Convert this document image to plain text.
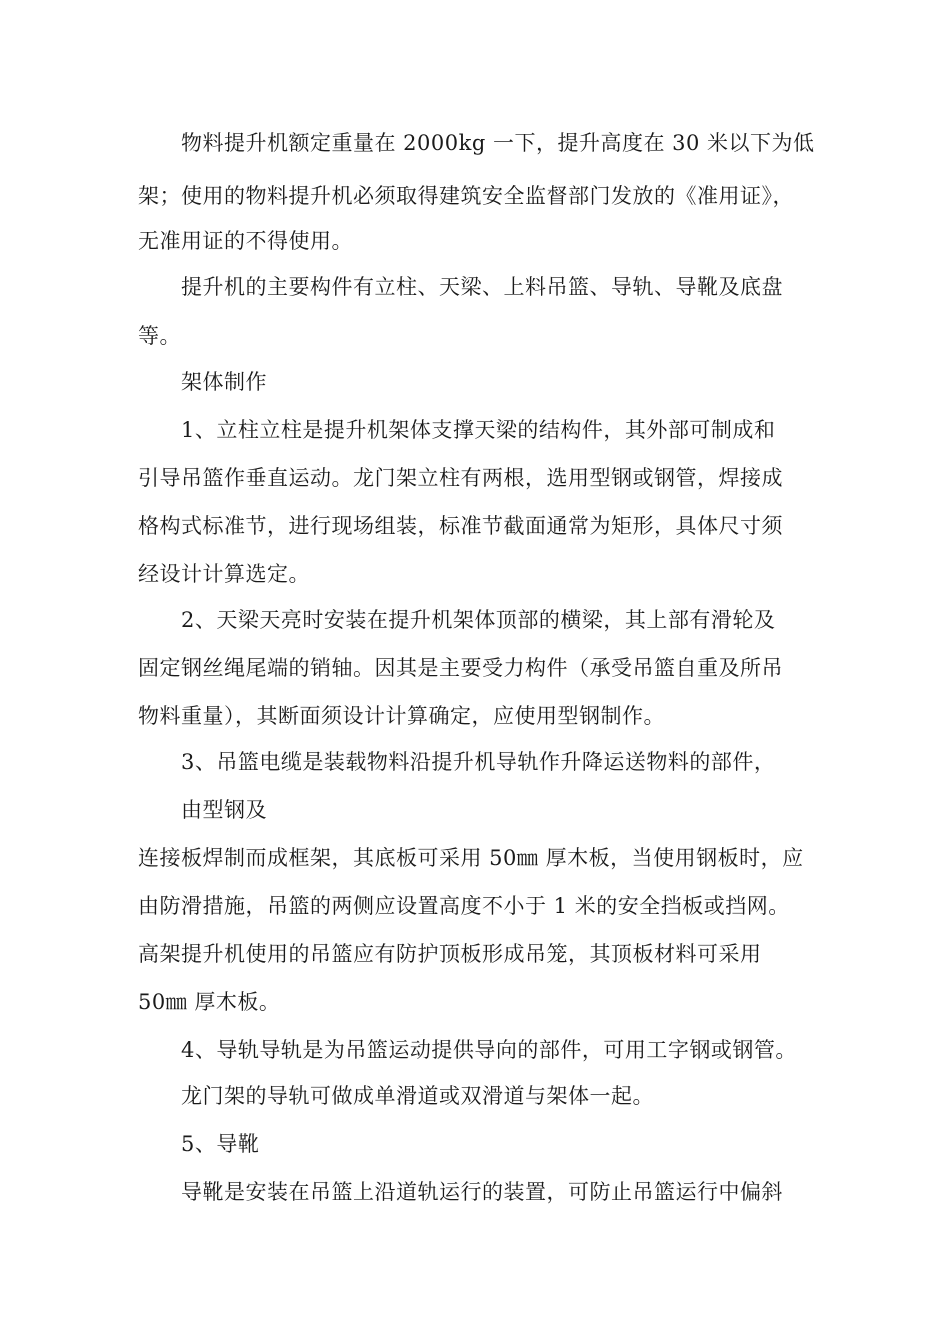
物料提升机额定重量在 2000kg 一下，提升高度在 30 米以下为低
架；使用的物料提升机必须取得建筑安全监督部门发放的《准用证》，
无准用证的不得使用。
提升机的主要构件有立柱、天梁、上料吊篮、导轨、导靴及底盘
等。
架体制作
1、立柱立柱是提升机架体支撑天梁的结构件，其外部可制成和
引导吊篮作垂直运动。龙门架立柱有两根，选用型钢或钢管，焊接成
格构式标准节，进行现场组装，标准节截面通常为矩形，具体尺寸须
经设计计算选定。
2、天梁天亮时安装在提升机架体顶部的横梁，其上部有滑轮及
固定钢丝绳尾端的销轴。因其是主要受力构件（承受吊篮自重及所吊
物料重量），其断面须设计计算确定，应使用型钢制作。
3、吊篮电缆是装载物料沿提升机导轨作升降运送物料的部件，
由型钢及
连接板焊制而成框架，其底板可采用 50㎜ 厚木板，当使用钢板时，应
由防滑措施，吊篮的两侧应设置高度不小于 1 米的安全挡板或挡网。
高架提升机使用的吊篮应有防护顶板形成吊笼，其顶板材料可采用
50㎜ 厚木板。
4、导轨导轨是为吊篮运动提供导向的部件，可用工字钢或钢管。
龙门架的导轨可做成单滑道或双滑道与架体一起。
5、导靴
导靴是安装在吊篮上沿道轨运行的装置，可防止吊篮运行中偏斜
